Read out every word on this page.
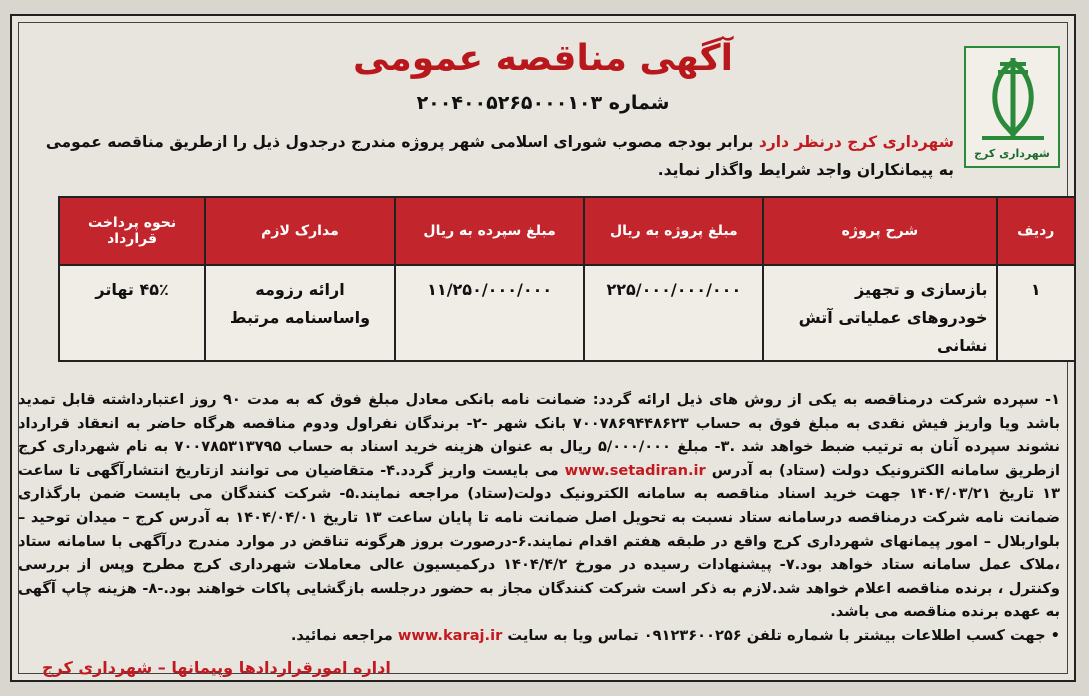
شهرداری کرج
آگهی مناقصه عمومی
شماره ۲۰۰۴۰۰۵۲۶۵۰۰۰۱۰۳
شهرداری کرج درنظر دارد برابر بودجه مصوب شورای اسلامی شهر پروژه مندرج درجدول ذیل را ازطریق مناقصه عمومی به پیمانکاران واجد شرایط واگذار نماید.
ردیف	شرح پروژه	مبلغ پروژه به ریال	مبلغ سپرده به ریال	مدارک لازم	نحوه پرداخت قرارداد
۱	بازسازی و تجهیز خودروهای عملیاتی آتش نشانی	۲۲۵/۰۰۰/۰۰۰/۰۰۰	۱۱/۲۵۰/۰۰۰/۰۰۰	ارائه رزومه واساسنامه مرتبط	۴۵٪ تهاتر
۱- سپرده شرکت درمناقصه به یکی از روش های ذیل ارائه گردد: ضمانت نامه بانکی معادل مبلغ فوق که به مدت ۹۰ روز اعتبارداشته قابل تمدید باشد ویا واریز فیش نقدی به مبلغ فوق به حساب ۷۰۰۷۸۶۹۴۴۸۶۲۳ بانک شهر -۲- برندگان نفراول ودوم مناقصه هرگاه حاضر به انعقاد قرارداد نشوند سپرده آنان به ترتیب ضبط خواهد شد .۳- مبلغ ۵/۰۰۰/۰۰۰ ریال به عنوان هزینه خرید اسناد به حساب ۷۰۰۷۸۵۳۱۳۷۹۵ به نام شهرداری کرج ازطریق سامانه الکترونیک دولت (ستاد) به آدرس www.setadiran.ir می بایست واریز گردد.۴- متقاضیان می توانند ازتاریخ انتشارآگهی تا ساعت ۱۳ تاریخ ۱۴۰۴/۰۳/۲۱ جهت خرید اسناد مناقصه به سامانه الکترونیک دولت(ستاد) مراجعه نمایند.۵- شرکت کنندگان می بایست ضمن بارگذاری ضمانت نامه شرکت درمناقصه درسامانه ستاد نسبت به تحویل اصل ضمانت نامه تا پایان ساعت ۱۳ تاریخ ۱۴۰۴/۰۴/۰۱ به آدرس کرج – میدان توحید – بلواربلال – امور پیمانهای شهرداری کرج واقع در طبقه هفتم اقدام نمایند.۶-درصورت بروز هرگونه تناقض در موارد مندرج درآگهی با سامانه ستاد ،ملاک عمل سامانه ستاد خواهد بود.۷- پیشنهادات رسیده در مورخ ۱۴۰۴/۴/۲ درکمیسیون عالی معاملات شهرداری کرج مطرح وپس از بررسی وکنترل ، برنده مناقصه اعلام خواهد شد.لازم به ذکر است شرکت کنندگان مجاز به حضور درجلسه بازگشایی پاکات خواهند بود.-۸- هزینه چاپ آگهی به عهده برنده مناقصه می باشد.
• جهت کسب اطلاعات بیشتر با شماره تلفن ۰۹۱۲۳۶۰۰۲۵۶ تماس ویا به سایت www.karaj.ir مراجعه نمائید.
اداره امورقراردادها وپیمانها – شهرداری کرج
